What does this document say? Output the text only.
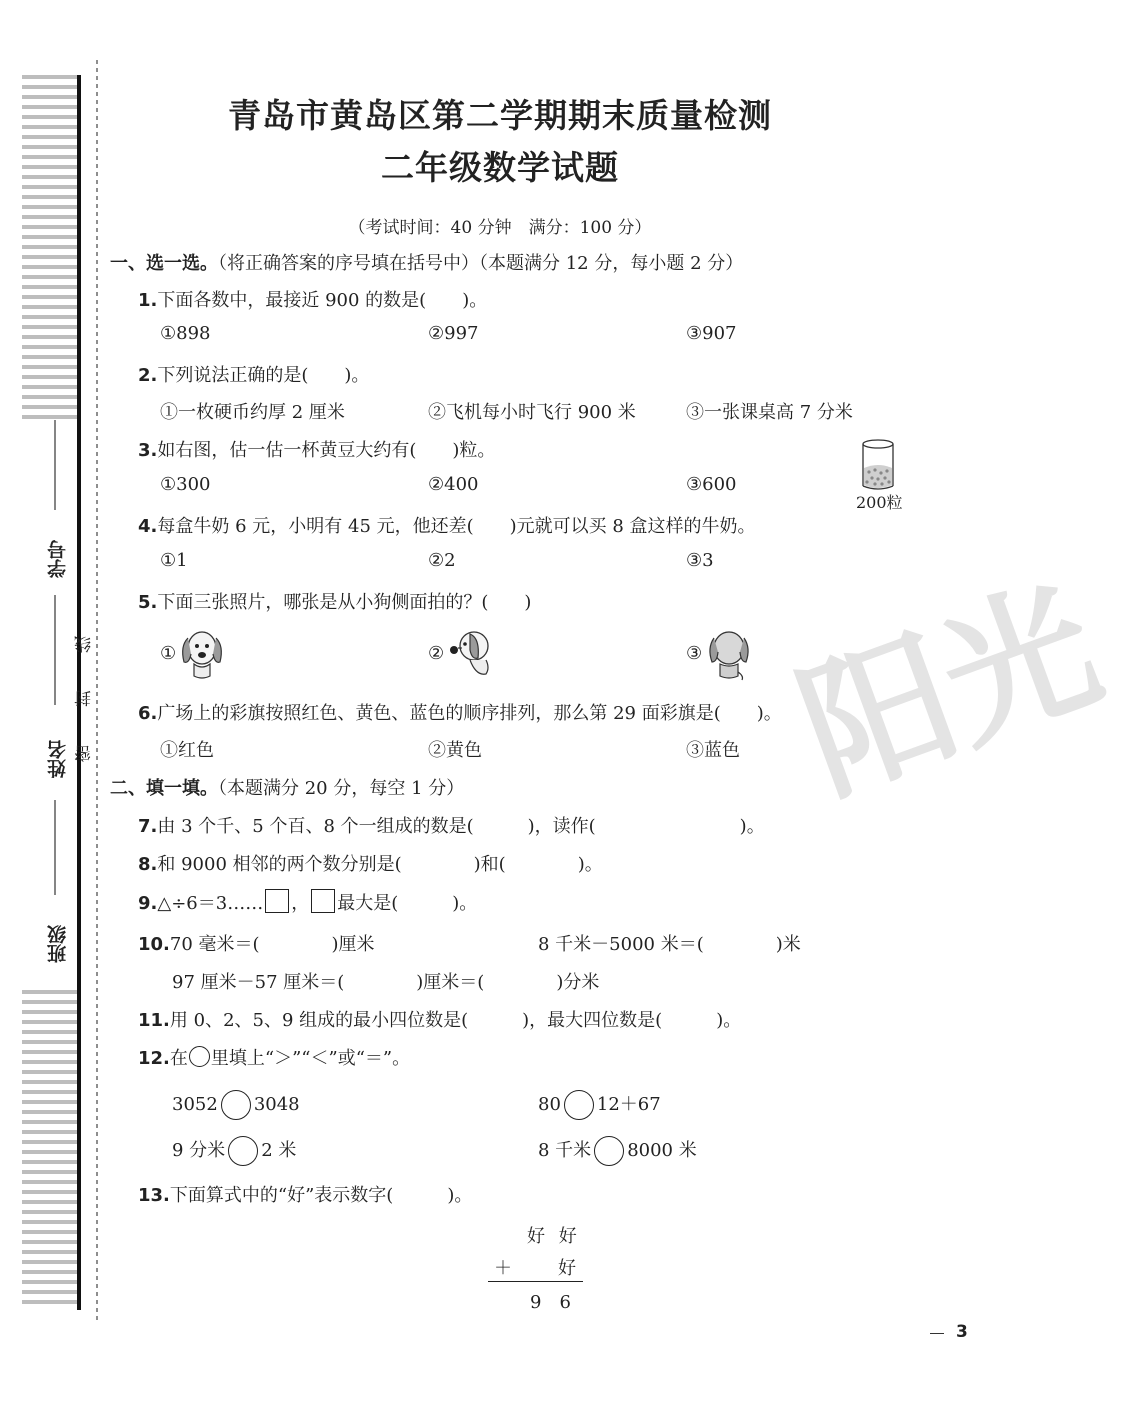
学号
姓名
班级
线
封
密	阳光
青岛市黄岛区第二学期期末质量检测
二年级数学试题
（考试时间：40 分钟　满分：100 分）
一、选一选。（将正确答案的序号填在括号中）（本题满分 12 分，每小题 2 分）
1.下面各数中，最接近 900 的数是(　　)。
①898	②997	③907
2.下列说法正确的是(　　)。
①一枚硬币约厚 2 厘米	②飞机每小时飞行 900 米	③一张课桌高 7 分米
3.如右图，估一估一杯黄豆大约有(　　)粒。
①300	②400	③600
200粒
4.每盒牛奶 6 元，小明有 45 元，他还差(　　)元就可以买 8 盒这样的牛奶。
①1	②2	③3
5.下面三张照片，哪张是从小狗侧面拍的？(　　)
①	②	③
6.广场上的彩旗按照红色、黄色、蓝色的顺序排列，那么第 29 面彩旗是(　　)。
①红色	②黄色	③蓝色
二、填一填。（本题满分 20 分，每空 1 分）
7.由 3 个千、5 个百、8 个一组成的数是(　　　)，读作(　　　　　　　　)。
8.和 9000 相邻的两个数分别是(　　　　)和(　　　　)。
9.△÷6＝3…… ， 最大是(　　　)。
10.70 毫米＝(　　　　)厘米	8 千米－5000 米＝(　　　　)米
97 厘米－57 厘米＝(　　　　)厘米＝(　　　　)分米
11.用 0、2、5、9 组成的最小四位数是(　　　)，最大四位数是(　　　)。
12.在 里填上“＞”“＜”或“＝”。
3052 3048	80 12＋67
9 分米 2 米	8 千米 8000 米
13.下面算式中的“好”表示数字(　　　)。
好 好
＋	好
9　6
3
